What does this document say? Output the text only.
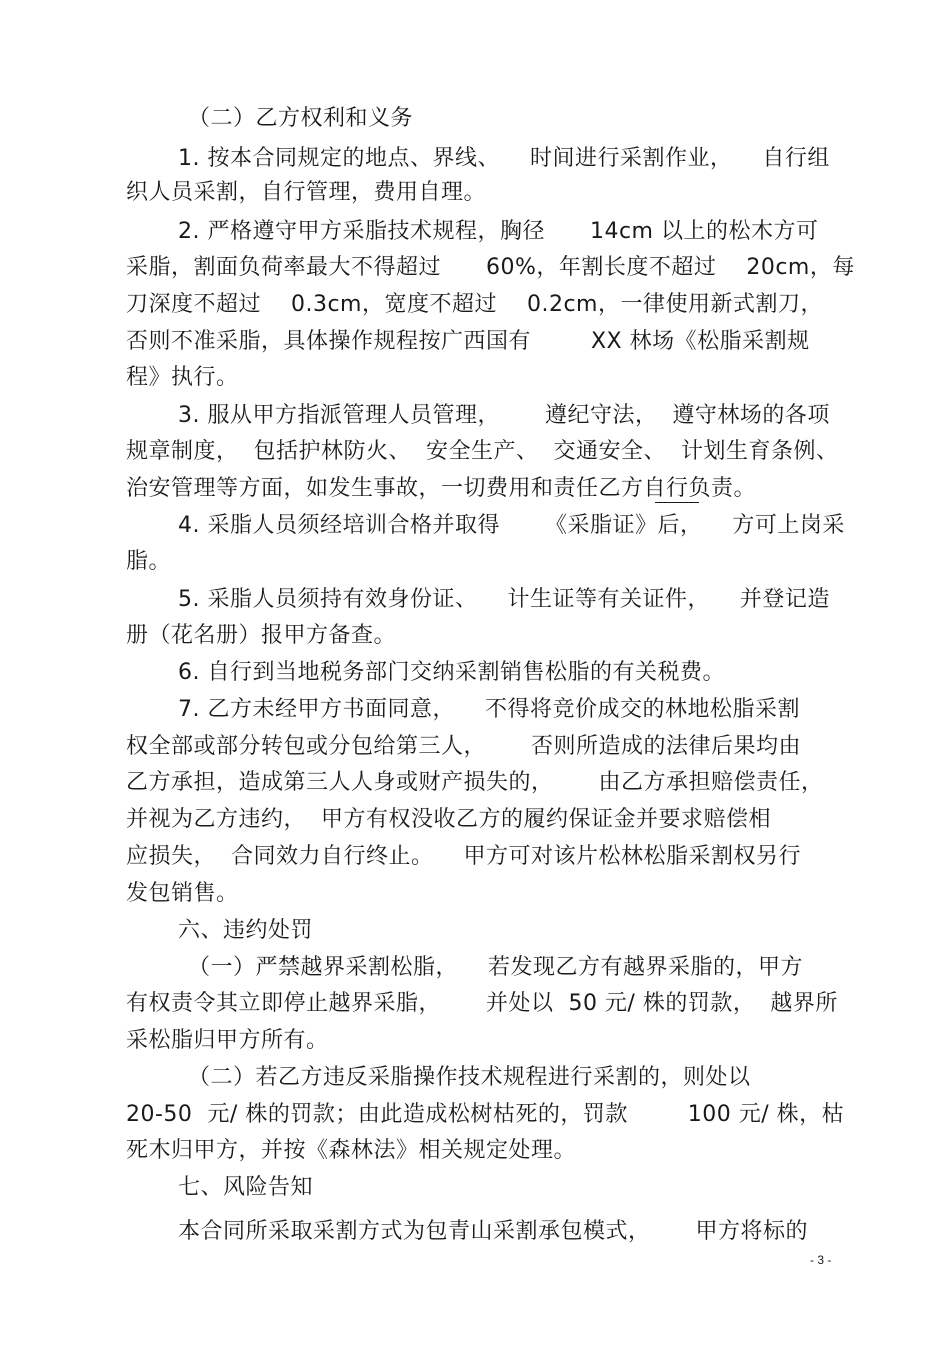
（二）乙方权利和义务
1. 按本合同规定的地点、界线、    时间进行采割作业，    自行组
织人员采割，自行管理，费用自理。
2. 严格遵守甲方采脂技术规程，胸径      14cm 以上的松木方可
采脂，割面负荷率最大不得超过      60%，年割长度不超过    20cm，每
刀深度不超过    0.3cm，宽度不超过    0.2cm，一律使用新式割刀，
否则不准采脂，具体操作规程按广西国有        XX 林场《松脂采割规
程》执行。
3. 服从甲方指派管理人员管理，      遵纪守法，  遵守林场的各项
规章制度，  包括护林防火、  安全生产、  交通安全、  计划生育条例、
治安管理等方面，如发生事故，一切费用和责任乙方自行负责。
4. 采脂人员须经培训合格并取得      《采脂证》后，    方可上岗采
脂。
5. 采脂人员须持有效身份证、    计生证等有关证件，    并登记造
册（花名册）报甲方备查。
6. 自行到当地税务部门交纳采割销售松脂的有关税费。
7. 乙方未经甲方书面同意，    不得将竞价成交的林地松脂采割
权全部或部分转包或分包给第三人，      否则所造成的法律后果均由
乙方承担，造成第三人人身或财产损失的，      由乙方承担赔偿责任，
并视为乙方违约，  甲方有权没收乙方的履约保证金并要求赔偿相
应损失，  合同效力自行终止。    甲方可对该片松林松脂采割权另行
发包销售。
六、违约处罚
（一）严禁越界采割松脂，    若发现乙方有越界采脂的，甲方
有权责令其立即停止越界采脂，      并处以  50 元/ 株的罚款，  越界所
采松脂归甲方所有。
（二）若乙方违反采脂操作技术规程进行采割的，则处以
20-50  元/ 株的罚款；由此造成松树枯死的，罚款        100 元/ 株，枯
死木归甲方，并按《森林法》相关规定处理。
七、风险告知
本合同所采取采割方式为包青山采割承包模式，      甲方将标的
- 3 -
